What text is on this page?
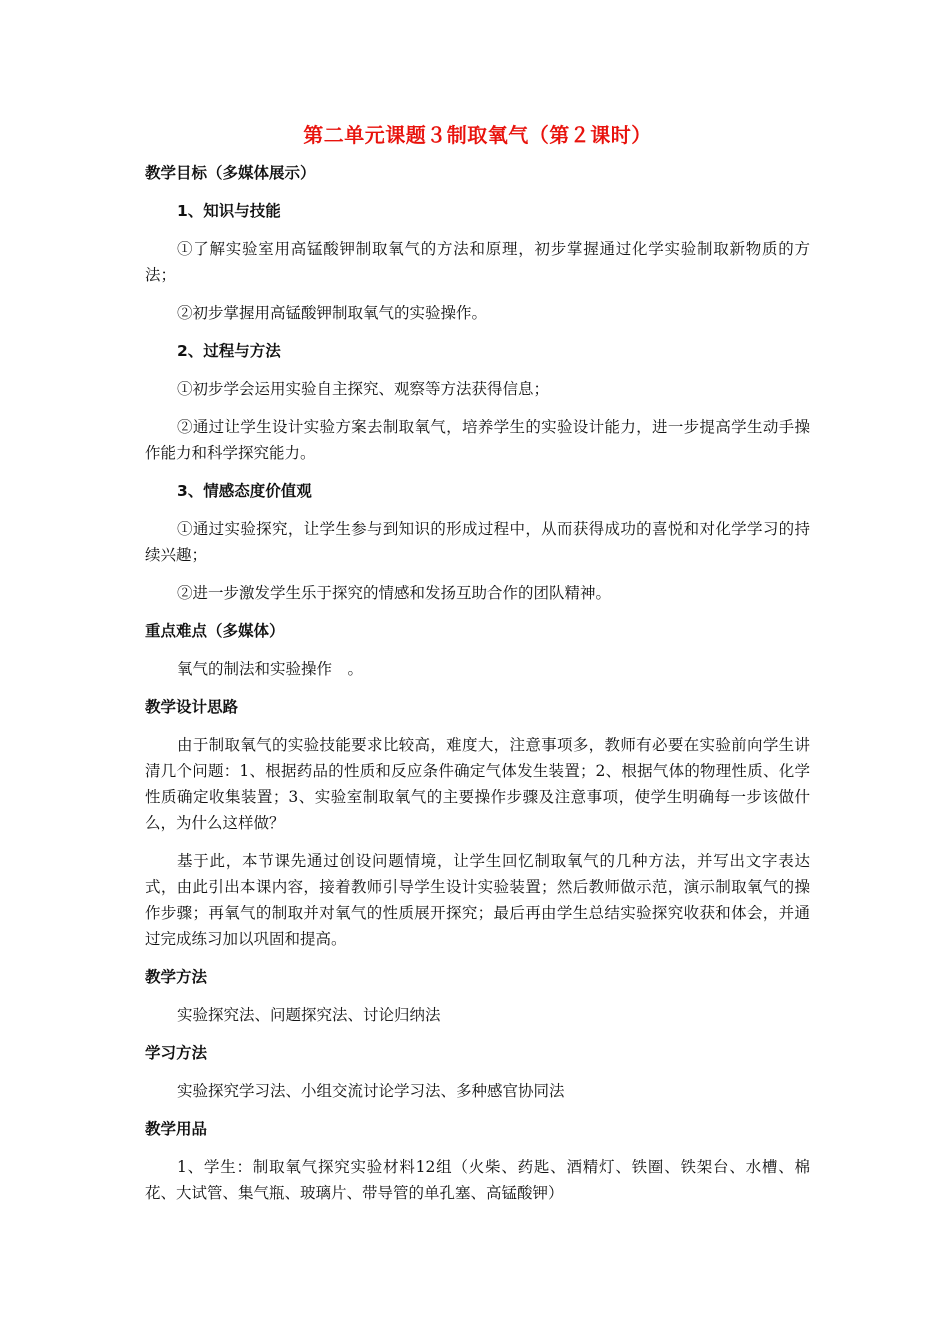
第二单元课题３制取氧气（第２课时）
教学目标（多媒体展示）
1、知识与技能

①了解实验室用高锰酸钾制取氧气的方法和原理，初步掌握通过化学实验制取新物质的方法；

②初步掌握用高锰酸钾制取氧气的实验操作。

2、过程与方法

①初步学会运用实验自主探究、观察等方法获得信息；

②通过让学生设计实验方案去制取氧气，培养学生的实验设计能力，进一步提高学生动手操作能力和科学探究能力。

3、情感态度价值观

①通过实验探究，让学生参与到知识的形成过程中，从而获得成功的喜悦和对化学学习的持续兴趣；

②进一步激发学生乐于探究的情感和发扬互助合作的团队精神。

重点难点（多媒体）

氧气的制法和实验操作　。

教学设计思路

由于制取氧气的实验技能要求比较高，难度大，注意事项多，教师有必要在实验前向学生讲清几个问题：1、根据药品的性质和反应条件确定气体发生装置；2、根据气体的物理性质、化学性质确定收集装置；3、实验室制取氧气的主要操作步骤及注意事项，使学生明确每一步该做什么，为什么这样做？

基于此，本节课先通过创设问题情境，让学生回忆制取氧气的几种方法，并写出文字表达式，由此引出本课内容，接着教师引导学生设计实验装置；然后教师做示范，演示制取氧气的操作步骤；再氧气的制取并对氧气的性质展开探究；最后再由学生总结实验探究收获和体会，并通过完成练习加以巩固和提高。

教学方法

实验探究法、问题探究法、讨论归纳法

学习方法

实验探究学习法、小组交流讨论学习法、多种感官协同法

教学用品

1、学生：制取氧气探究实验材料12组（火柴、药匙、酒精灯、铁圈、铁架台、水槽、棉花、大试管、集气瓶、玻璃片、带导管的单孔塞、高锰酸钾）
